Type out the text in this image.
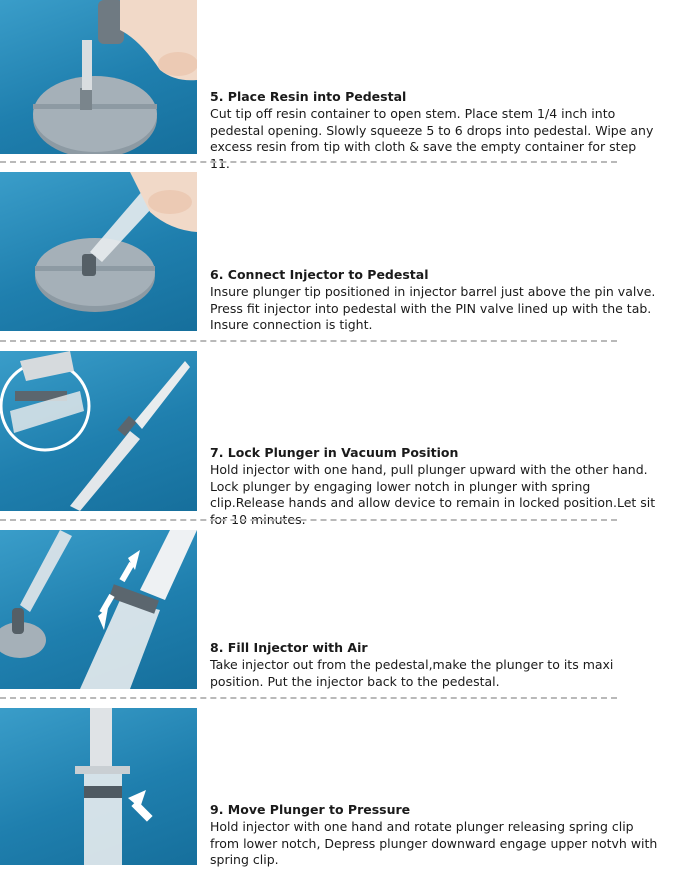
5. Place Resin into Pedestal

Cut tip off resin container to open stem. Place stem 1/4 inch into pedestal opening. Slowly squeeze 5 to 6 drops into pedestal. Wipe any excess resin from tip with cloth & save the empty container for step 11.

6. Connect Injector to Pedestal

Insure plunger tip positioned in injector barrel just above the pin valve. Press fit injector into pedestal with the PIN valve lined up with the tab. Insure connection is tight.

7. Lock Plunger in Vacuum Position

Hold injector with one hand, pull plunger upward with the other hand. Lock plunger by engaging lower notch in plunger with spring clip.Release hands and allow device to remain in locked position.Let sit for 10 minutes.

8. Fill Injector with Air

Take injector out from the pedestal,make the plunger to its maxi position. Put the injector back to the pedestal.

9. Move Plunger to Pressure

Hold injector with one hand and rotate plunger releasing spring clip from lower notch, Depress plunger downward engage upper notvh with spring clip.
